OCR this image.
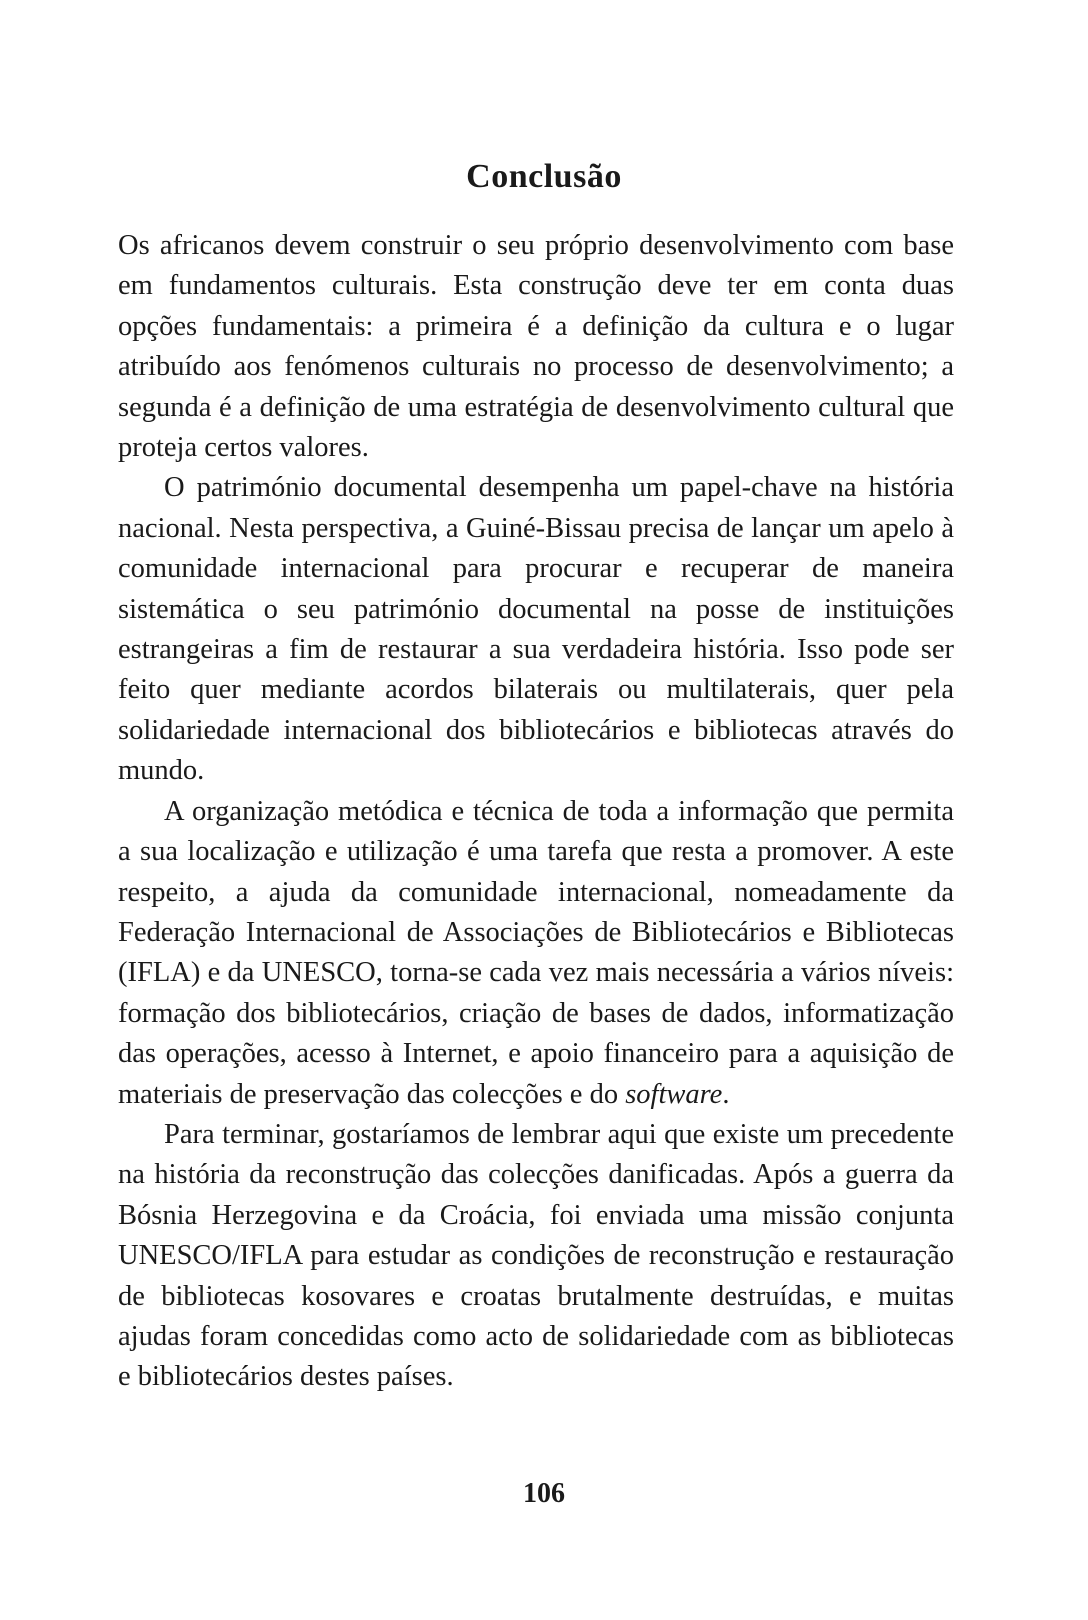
Conclusão

Os africanos devem construir o seu próprio desenvolvimento com base em fundamentos culturais. Esta construção deve ter em conta duas opções fundamentais: a primeira é a definição da cultura e o lugar atribuído aos fenómenos culturais no processo de desenvolvimento; a segunda é a definição de uma estratégia de desenvolvimento cultural que proteja certos valores.

O património documental desempenha um papel-chave na história nacional. Nesta perspectiva, a Guiné-Bissau precisa de lançar um apelo à comunidade internacional para procurar e recuperar de maneira sistemática o seu património documental na posse de instituições estrangeiras a fim de restaurar a sua verdadeira história. Isso pode ser feito quer mediante acordos bilaterais ou multilaterais, quer pela solidariedade internacional dos bibliotecários e bibliotecas através do mundo.

A organização metódica e técnica de toda a informação que permita a sua localização e utilização é uma tarefa que resta a promover. A este respeito, a ajuda da comunidade internacional, nomeadamente da Federação Internacional de Associações de Bibliotecários e Bibliotecas (IFLA) e da UNESCO, torna-se cada vez mais necessária a vários níveis: formação dos bibliotecários, criação de bases de dados, informatização das operações, acesso à Internet, e apoio financeiro para a aquisição de materiais de preservação das colecções e do software.

Para terminar, gostaríamos de lembrar aqui que existe um precedente na história da reconstrução das colecções danificadas. Após a guerra da Bósnia Herzegovina e da Croácia, foi enviada uma missão conjunta UNESCO/IFLA para estudar as condições de reconstrução e restauração de bibliotecas kosovares e croatas brutalmente destruídas, e muitas ajudas foram concedidas como acto de solidariedade com as bibliotecas e bibliotecários destes países.

106
